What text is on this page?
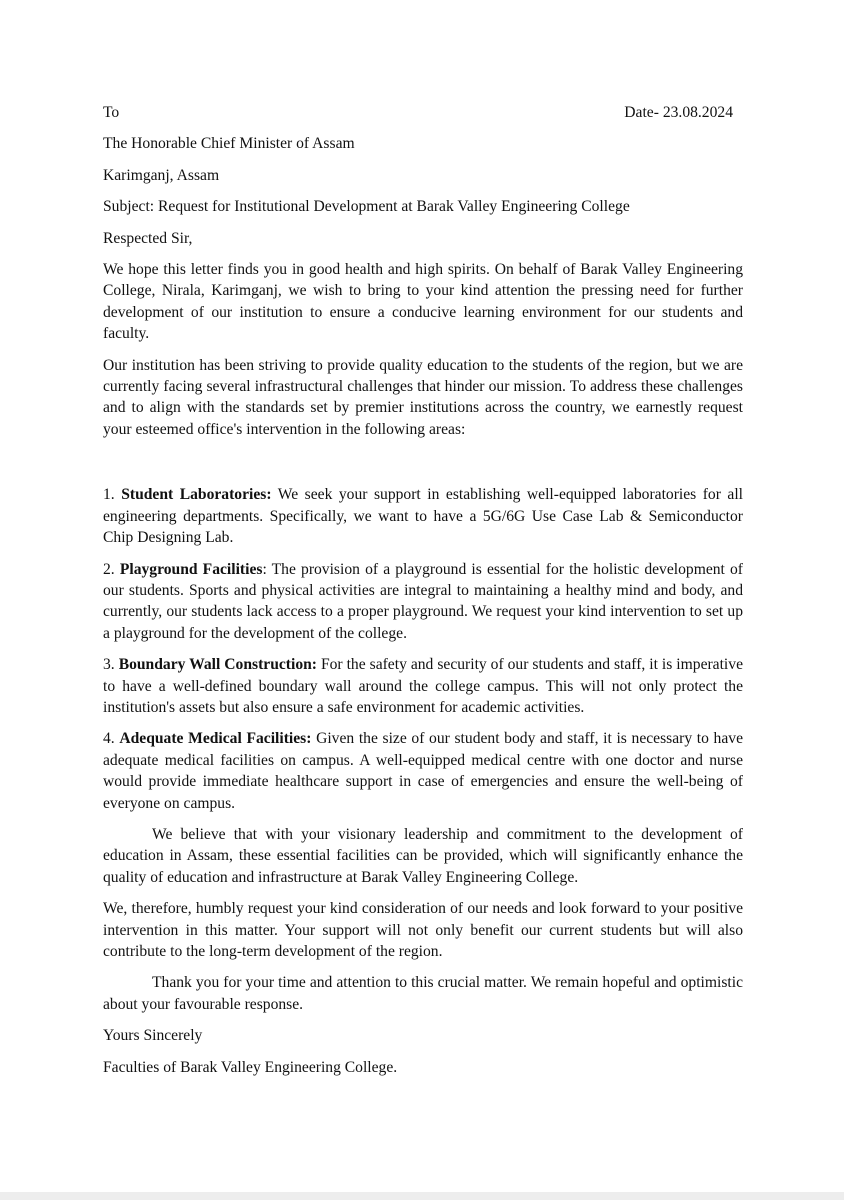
To	Date- 23.08.2024
The Honorable Chief Minister of Assam
Karimganj, Assam
Subject: Request for Institutional Development at Barak Valley Engineering College
Respected Sir,

We hope this letter finds you in good health and high spirits. On behalf of Barak Valley Engineering College, Nirala, Karimganj, we wish to bring to your kind attention the pressing need for further development of our institution to ensure a conducive learning environment for our students and faculty.

Our institution has been striving to provide quality education to the students of the region, but we are currently facing several infrastructural challenges that hinder our mission. To address these challenges and to align with the standards set by premier institutions across the country, we earnestly request your esteemed office's intervention in the following areas:

1. Student Laboratories: We seek your support in establishing well-equipped laboratories for all engineering departments. Specifically, we want to have a 5G/6G Use Case Lab & Semiconductor Chip Designing Lab.

2. Playground Facilities: The provision of a playground is essential for the holistic development of our students. Sports and physical activities are integral to maintaining a healthy mind and body, and currently, our students lack access to a proper playground. We request your kind intervention to set up a playground for the development of the college.

3. Boundary Wall Construction: For the safety and security of our students and staff, it is imperative to have a well-defined boundary wall around the college campus. This will not only protect the institution's assets but also ensure a safe environment for academic activities.

4. Adequate Medical Facilities: Given the size of our student body and staff, it is necessary to have adequate medical facilities on campus. A well-equipped medical centre with one doctor and nurse would provide immediate healthcare support in case of emergencies and ensure the well-being of everyone on campus.

We believe that with your visionary leadership and commitment to the development of education in Assam, these essential facilities can be provided, which will significantly enhance the quality of education and infrastructure at Barak Valley Engineering College.

We, therefore, humbly request your kind consideration of our needs and look forward to your positive intervention in this matter. Your support will not only benefit our current students but will also contribute to the long-term development of the region.

Thank you for your time and attention to this crucial matter. We remain hopeful and optimistic about your favourable response.

Yours Sincerely
Faculties of Barak Valley Engineering College.
